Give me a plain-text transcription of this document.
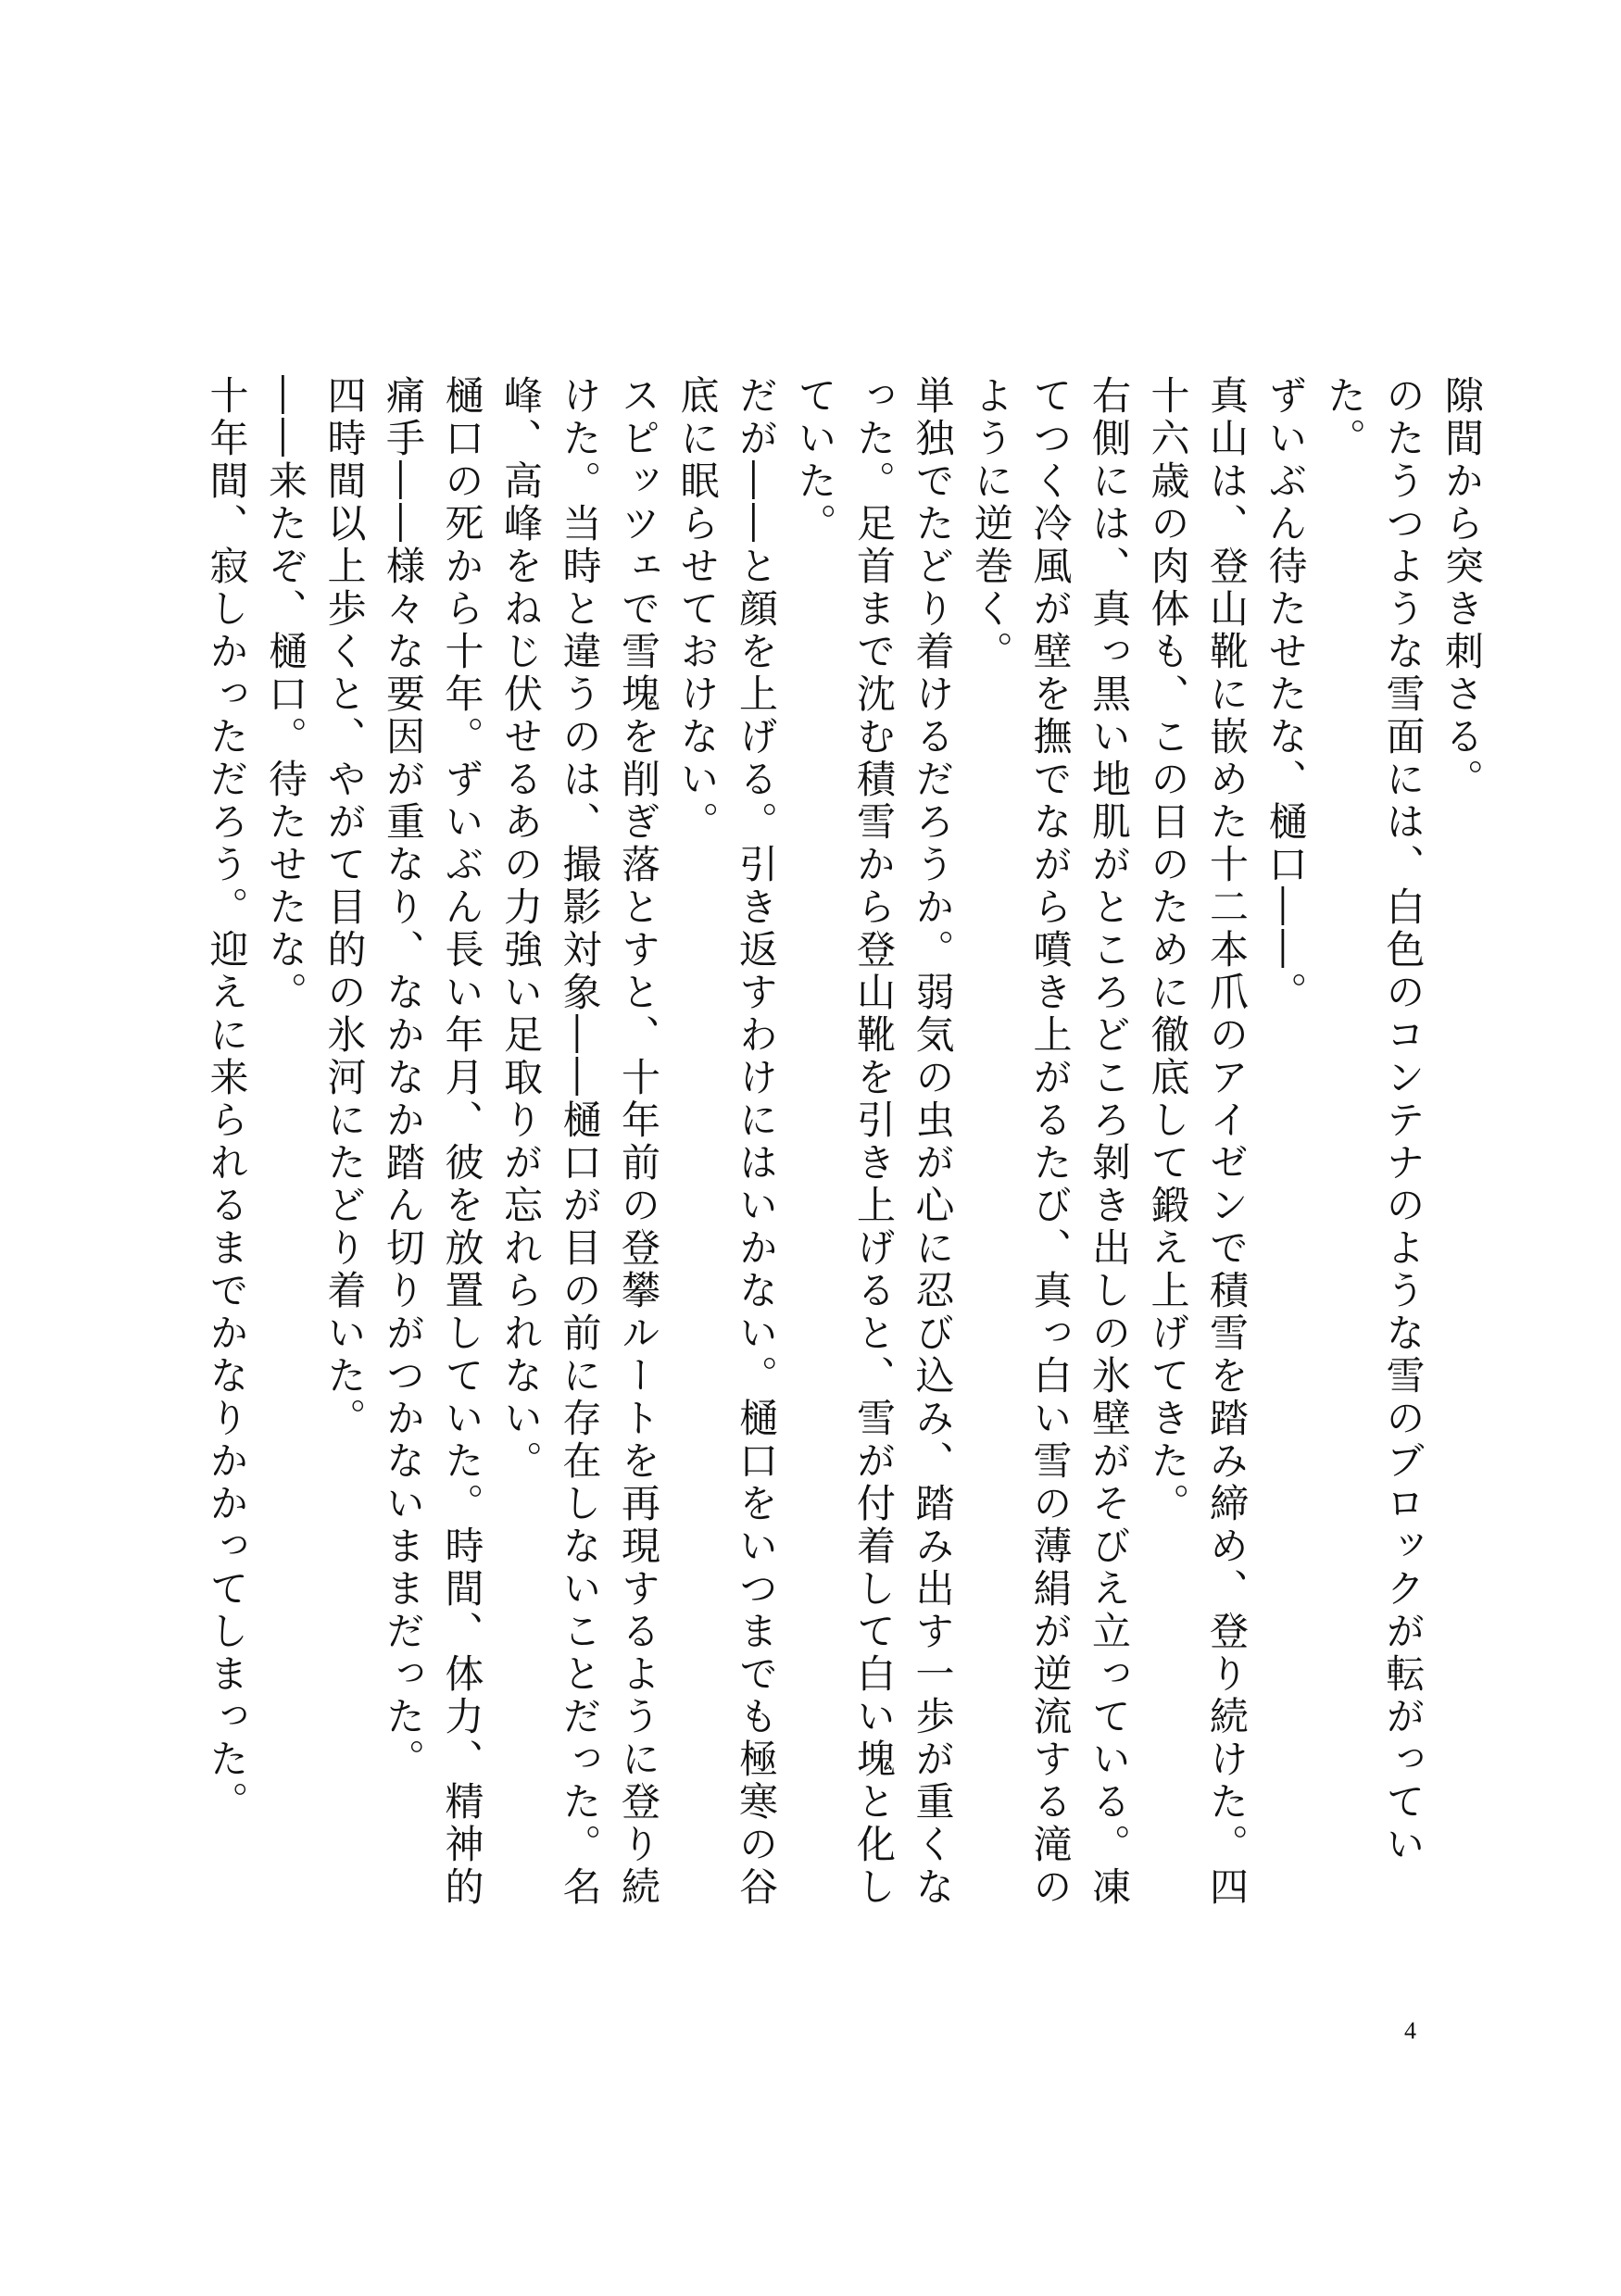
隙間から突き刺さる。

のたうつような雪面には、白色のコンテナのような雪のブロックが転がっていた。

ずいぶん待たせたな、樋口――。

真山は、登山靴に嵌めた十二本爪のアイゼンで積雪を踏み締め、登り続けた。四十六歳の肉体も、この日のために徹底して鍛え上げてきた。

右側には、真っ黒い地肌がところどころ剝き出しの氷壁がそびえ立っている。凍てつく冷風が壁を撫でながら噴き上がるたび、真っ白い雪の薄絹が逆流する滝のように逆巻く。

単独でたどり着けるだろうか。弱気の虫が心に忍び込み、踏み出す一歩が重くなった。足首まで沈む積雪から登山靴を引き上げると、雪が付着して白い塊と化していた。

だが――と顔を上げる。引き返すわけにはいかない。樋口をいつまでも極寒の谷底に眠らせておけない。

スピッツェで雪塊を削ぎ落とすと、十年前の登攀ルートを再現するように登り続けた。当時と違うのは、撮影対象――樋口が目の前に存在しないことだった。名峰、高峰をねじ伏せるあの力強い足取りが忘れられない。

樋口の死から十年。ずいぶん長い年月、彼を放置していた。時間、体力、精神的痛手――様々な要因が重なり、なかなか踏ん切りがつかないままだった。

四時間以上歩くと、やがて目的の氷河にたどり着いた。

――来たぞ、樋口。待たせたな。

十年間、寂しかっただろう。迎えに来られるまでかなりかかってしまった。

4
